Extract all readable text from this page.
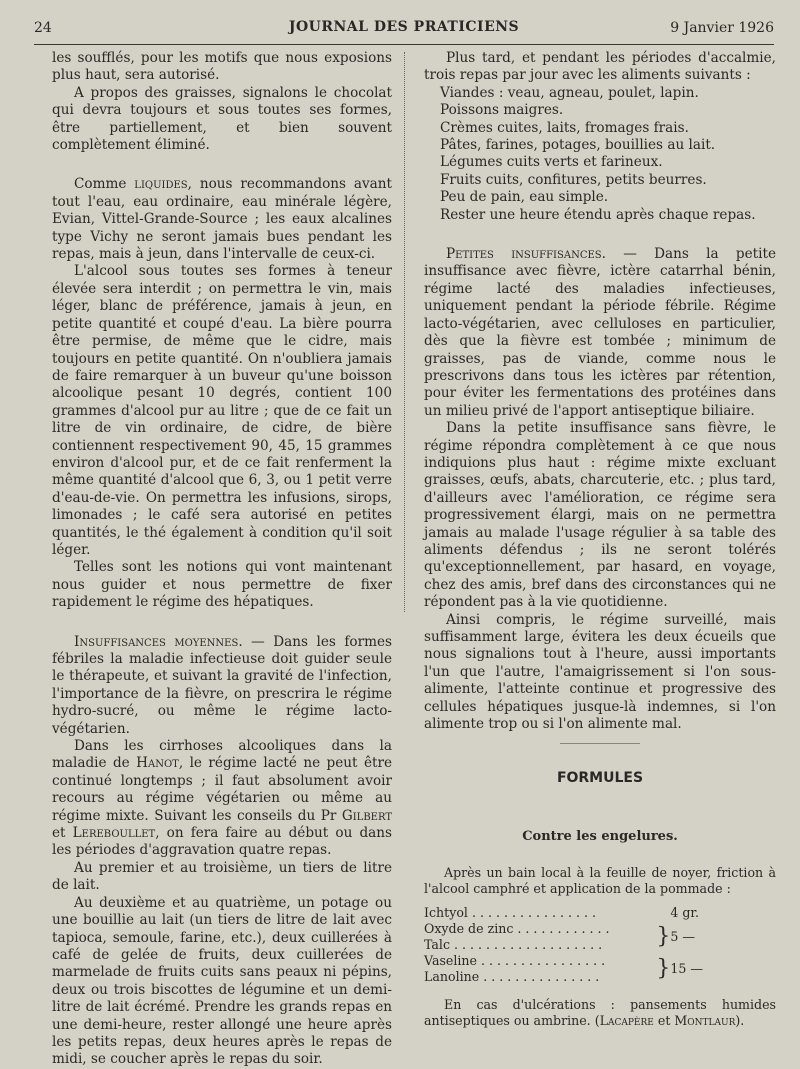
24	JOURNAL DES PRATICIENS	9 Janvier 1926

les soufflés, pour les motifs que nous exposions plus haut, sera autorisé.

A propos des graisses, signalons le chocolat qui devra toujours et sous toutes ses formes, être partiellement, et bien souvent complètement éliminé.

Comme liquides, nous recommandons avant tout l'eau, eau ordinaire, eau minérale légère, Evian, Vittel-Grande-Source ; les eaux alcalines type Vichy ne seront jamais bues pendant les repas, mais à jeun, dans l'intervalle de ceux-ci.

L'alcool sous toutes ses formes à teneur élevée sera interdit ; on permettra le vin, mais léger, blanc de préférence, jamais à jeun, en petite quantité et coupé d'eau. La bière pourra être permise, de même que le cidre, mais toujours en petite quantité. On n'oubliera jamais de faire remarquer à un buveur qu'une boisson alcoolique pesant 10 degrés, contient 100 grammes d'alcool pur au litre ; que de ce fait un litre de vin ordinaire, de cidre, de bière contiennent respectivement 90, 45, 15 grammes environ d'alcool pur, et de ce fait renferment la même quantité d'alcool que 6, 3, ou 1 petit verre d'eau-de-vie. On permettra les infusions, sirops, limonades ; le café sera autorisé en petites quantités, le thé également à condition qu'il soit léger.

Telles sont les notions qui vont maintenant nous guider et nous permettre de fixer rapidement le régime des hépatiques.

Insuffisances moyennes. — Dans les formes fébriles la maladie infectieuse doit guider seule le thérapeute, et suivant la gravité de l'infection, l'importance de la fièvre, on prescrira le régime hydro-sucré, ou même le régime lacto-végétarien.

Dans les cirrhoses alcooliques dans la maladie de Hanot, le régime lacté ne peut être continué longtemps ; il faut absolument avoir recours au régime végétarien ou même au régime mixte. Suivant les conseils du Pr Gilbert et Lereboullet, on fera faire au début ou dans les périodes d'aggravation quatre repas.

Au premier et au troisième, un tiers de litre de lait.

Au deuxième et au quatrième, un potage ou une bouillie au lait (un tiers de litre de lait avec tapioca, semoule, farine, etc.), deux cuillerées à café de gelée de fruits, deux cuillerées de marmelade de fruits cuits sans peaux ni pépins, deux ou trois biscottes de légumine et un demi-litre de lait écrémé. Prendre les grands repas en une demi-heure, rester allongé une heure après les petits repas, deux heures après le repas de midi, se coucher après le repas du soir.

Plus tard, et pendant les périodes d'accalmie, trois repas par jour avec les aliments suivants :

Viandes : veau, agneau, poulet, lapin.
Poissons maigres.
Crèmes cuites, laits, fromages frais.
Pâtes, farines, potages, bouillies au lait.
Légumes cuits verts et farineux.
Fruits cuits, confitures, petits beurres.
Peu de pain, eau simple.
Rester une heure étendu après chaque repas.

Petites insuffisances. — Dans la petite insuffisance avec fièvre, ictère catarrhal bénin, régime lacté des maladies infectieuses, uniquement pendant la période fébrile. Régime lacto-végétarien, avec celluloses en particulier, dès que la fièvre est tombée ; minimum de graisses, pas de viande, comme nous le prescrivons dans tous les ictères par rétention, pour éviter les fermentations des protéines dans un milieu privé de l'apport antiseptique biliaire.

Dans la petite insuffisance sans fièvre, le régime répondra complètement à ce que nous indiquions plus haut : régime mixte excluant graisses, œufs, abats, charcuterie, etc. ; plus tard, d'ailleurs avec l'amélioration, ce régime sera progressivement élargi, mais on ne permettra jamais au malade l'usage régulier à sa table des aliments défendus ; ils ne seront tolérés qu'exceptionnellement, par hasard, en voyage, chez des amis, bref dans des circonstances qui ne répondent pas à la vie quotidienne.

Ainsi compris, le régime surveillé, mais suffisamment large, évitera les deux écueils que nous signalions tout à l'heure, aussi importants l'un que l'autre, l'amaigrissement si l'on sous-alimente, l'atteinte continue et progressive des cellules hépatiques jusque-là indemnes, si l'on alimente trop ou si l'on alimente mal.

FORMULES
Contre les engelures.

Après un bain local à la feuille de noyer, friction à l'alcool camphré et application de la pommade :

Ichtyol . . . . . . . . . . . . . . . .		4 gr.
Oxyde de zinc . . . . . . . . . . . .	}	5 —
Talc . . . . . . . . . . . . . . . . . . .		
Vaseline . . . . . . . . . . . . . . . .	}	15 —
Lanoline . . . . . . . . . . . . . . .		
En cas d'ulcérations : pansements humides antiseptiques ou ambrine. (Lacapère et Montlaur).
